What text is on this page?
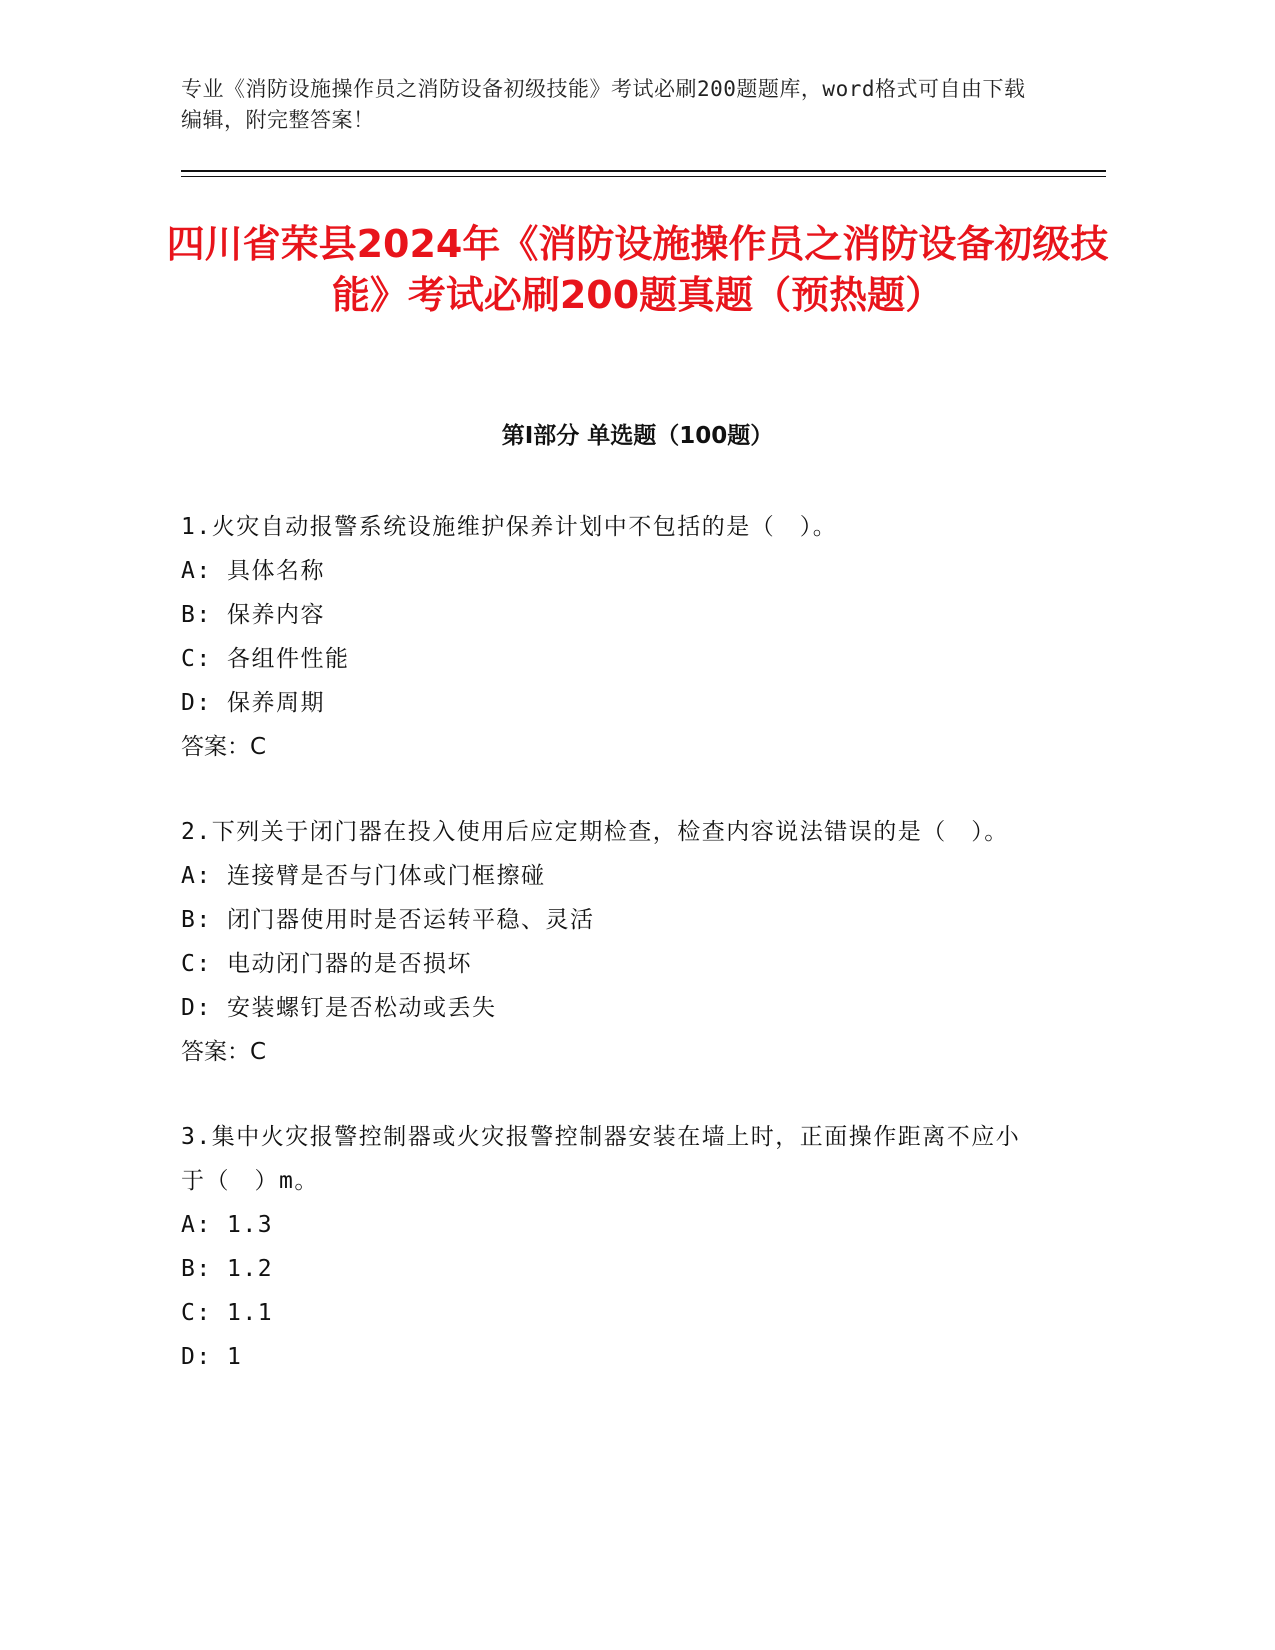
专业《消防设施操作员之消防设备初级技能》考试必刷200题题库，word格式可自由下载编辑，附完整答案！
四川省荣县2024年《消防设施操作员之消防设备初级技能》考试必刷200题真题（预热题）
第Ⅰ部分 单选题（100题）
1.火灾自动报警系统设施维护保养计划中不包括的是（　）。
A: 具体名称
B: 保养内容
C: 各组件性能
D: 保养周期
答案：C
2.下列关于闭门器在投入使用后应定期检查，检查内容说法错误的是（　）。
A: 连接臂是否与门体或门框擦碰
B: 闭门器使用时是否运转平稳、灵活
C: 电动闭门器的是否损坏
D: 安装螺钉是否松动或丢失
答案：C
3.集中火灾报警控制器或火灾报警控制器安装在墙上时，正面操作距离不应小于（　）m。
A: 1.3
B: 1.2
C: 1.1
D: 1
